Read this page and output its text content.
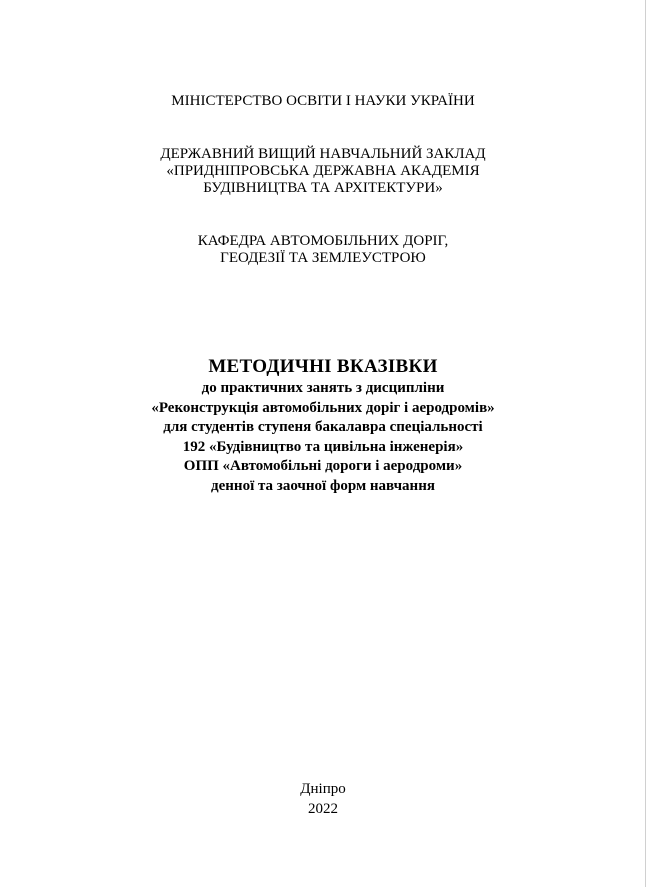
МІНІСТЕРСТВО ОСВІТИ І НАУКИ УКРАЇНИ
ДЕРЖАВНИЙ ВИЩИЙ НАВЧАЛЬНИЙ ЗАКЛАД
«ПРИДНІПРОВСЬКА ДЕРЖАВНА АКАДЕМІЯ
БУДІВНИЦТВА ТА АРХІТЕКТУРИ»
КАФЕДРА АВТОМОБІЛЬНИХ ДОРІГ,
ГЕОДЕЗІЇ ТА ЗЕМЛЕУСТРОЮ
МЕТОДИЧНІ ВКАЗІВКИ
до практичних занять з дисципліни
«Реконструкція автомобільних доріг і аеродромів»
для студентів ступеня бакалавра спеціальності
192 «Будівництво та цивільна інженерія»
ОПП «Автомобільні дороги і аеродроми»
денної та заочної форм навчання
Дніпро
2022
